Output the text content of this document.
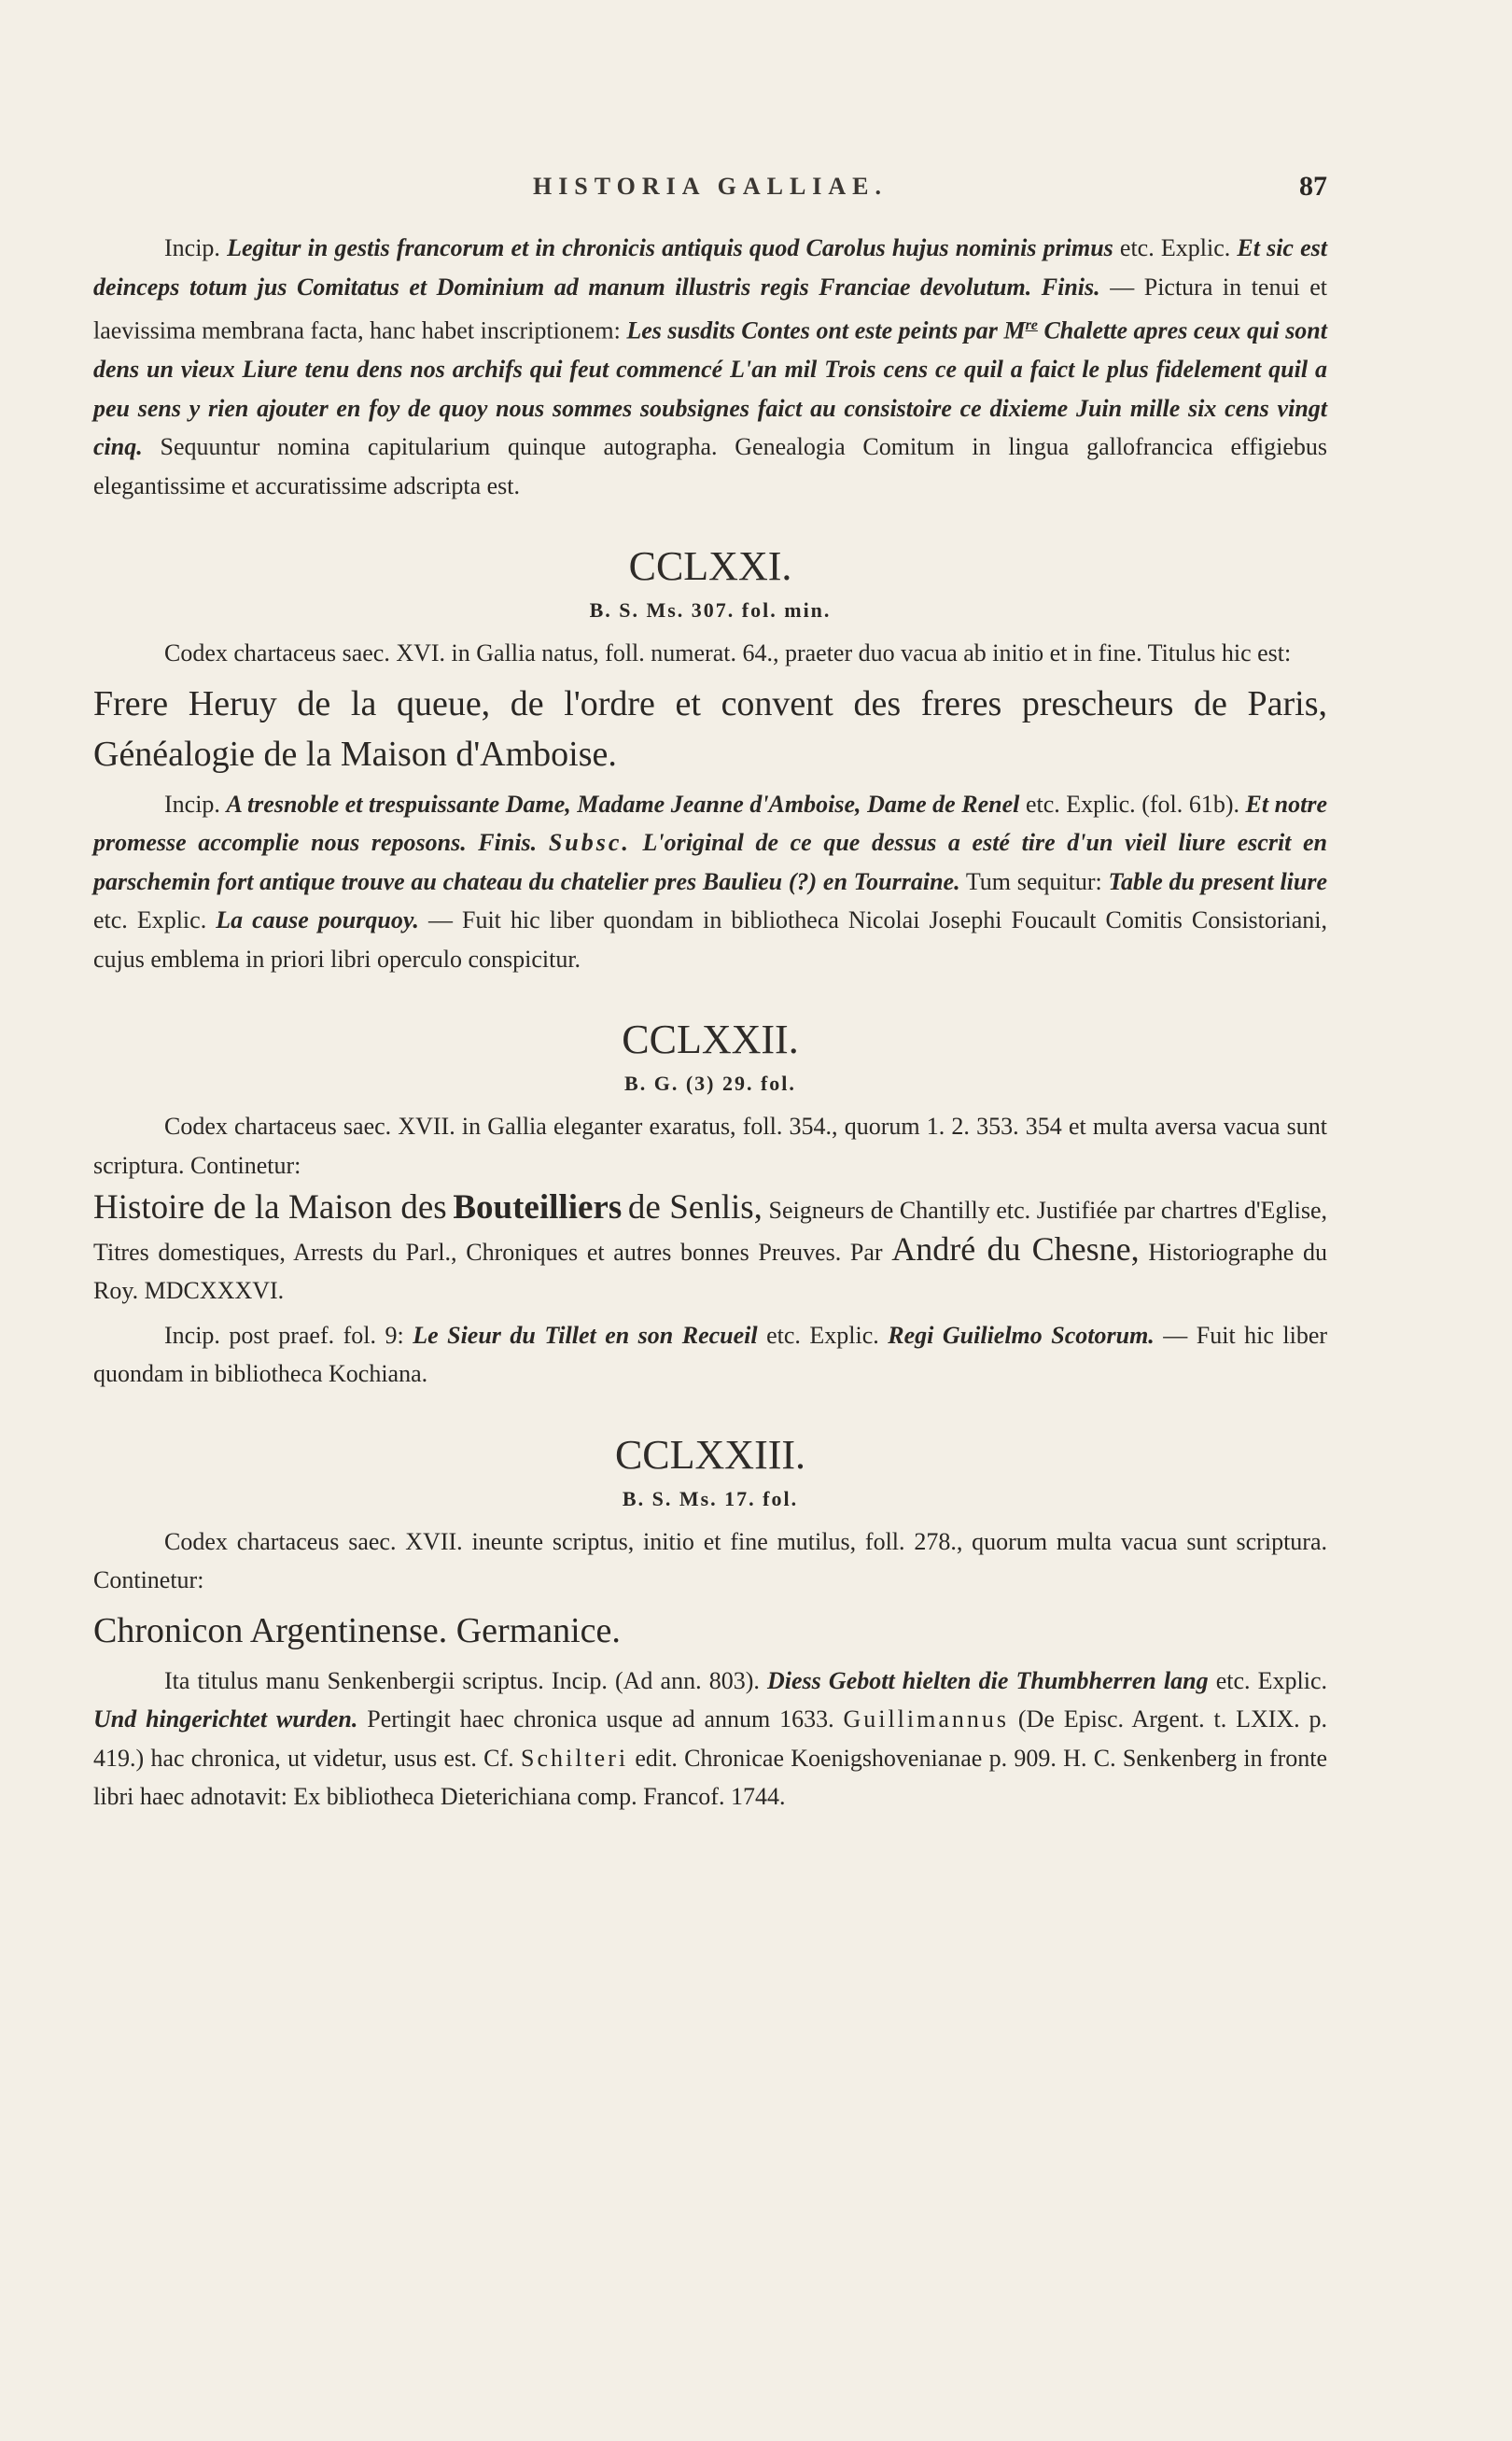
HISTORIA GALLIAE.	87

Incip. Legitur in gestis francorum et in chronicis antiquis quod Carolus hujus nominis primus etc. Explic. Et sic est deinceps totum jus Comitatus et Dominium ad manum illustris regis Franciae devolutum. Finis. — Pictura in tenui et laevissima membrana facta, hanc habet inscriptionem: Les susdits Contes ont este peints par Mre Chalette apres ceux qui sont dens un vieux Liure tenu dens nos archifs qui feut commencé L'an mil Trois cens ce quil a faict le plus fidelement quil a peu sens y rien ajouter en foy de quoy nous sommes soubsignes faict au consistoire ce dixieme Juin mille six cens vingt cinq. Sequuntur nomina capitularium quinque autographa. Genealogia Comitum in lingua gallofrancica effigiebus elegantissime et accuratissime adscripta est.

CCLXXI.
B. S. Ms. 307. fol. min.

Codex chartaceus saec. XVI. in Gallia natus, foll. numerat. 64., praeter duo vacua ab initio et in fine. Titulus hic est:

Frere Heruy de la queue, de l'ordre et convent des freres prescheurs de Paris, Généalogie de la Maison d'Amboise.

Incip. A tresnoble et trespuissante Dame, Madame Jeanne d'Amboise, Dame de Renel etc. Explic. (fol. 61b). Et notre promesse accomplie nous reposons. Finis. Subsc. L'original de ce que dessus a esté tire d'un vieil liure escrit en parschemin fort antique trouve au chateau du chatelier pres Baulieu (?) en Tourraine. Tum sequitur: Table du present liure etc. Explic. La cause pourquoy. — Fuit hic liber quondam in bibliotheca Nicolai Josephi Foucault Comitis Consistoriani, cujus emblema in priori libri operculo conspicitur.

CCLXXII.
B. G. (3) 29. fol.

Codex chartaceus saec. XVII. in Gallia eleganter exaratus, foll. 354., quorum 1. 2. 353. 354 et multa aversa vacua sunt scriptura. Continetur:

Histoire de la Maison des Bouteilliers de Senlis, Seigneurs de Chantilly etc. Justifiée par chartres d'Eglise, Titres domestiques, Arrests du Parl., Chroniques et autres bonnes Preuves. Par André du Chesne, Historiographe du Roy. MDCXXXVI.

Incip. post praef. fol. 9: Le Sieur du Tillet en son Recueil etc. Explic. Regi Guilielmo Scotorum. — Fuit hic liber quondam in bibliotheca Kochiana.

CCLXXIII.
B. S. Ms. 17. fol.

Codex chartaceus saec. XVII. ineunte scriptus, initio et fine mutilus, foll. 278., quorum multa vacua sunt scriptura. Continetur:

Chronicon Argentinense. Germanice.

Ita titulus manu Senkenbergii scriptus. Incip. (Ad ann. 803). Diess Gebott hielten die Thumbherren lang etc. Explic. Und hingerichtet wurden. Pertingit haec chronica usque ad annum 1633. Guillimannus (De Episc. Argent. t. LXIX. p. 419.) hac chronica, ut videtur, usus est. Cf. Schilteri edit. Chronicae Koenigshovenianae p. 909. H. C. Senkenberg in fronte libri haec adnotavit: Ex bibliotheca Dieterichiana comp. Francof. 1744.
